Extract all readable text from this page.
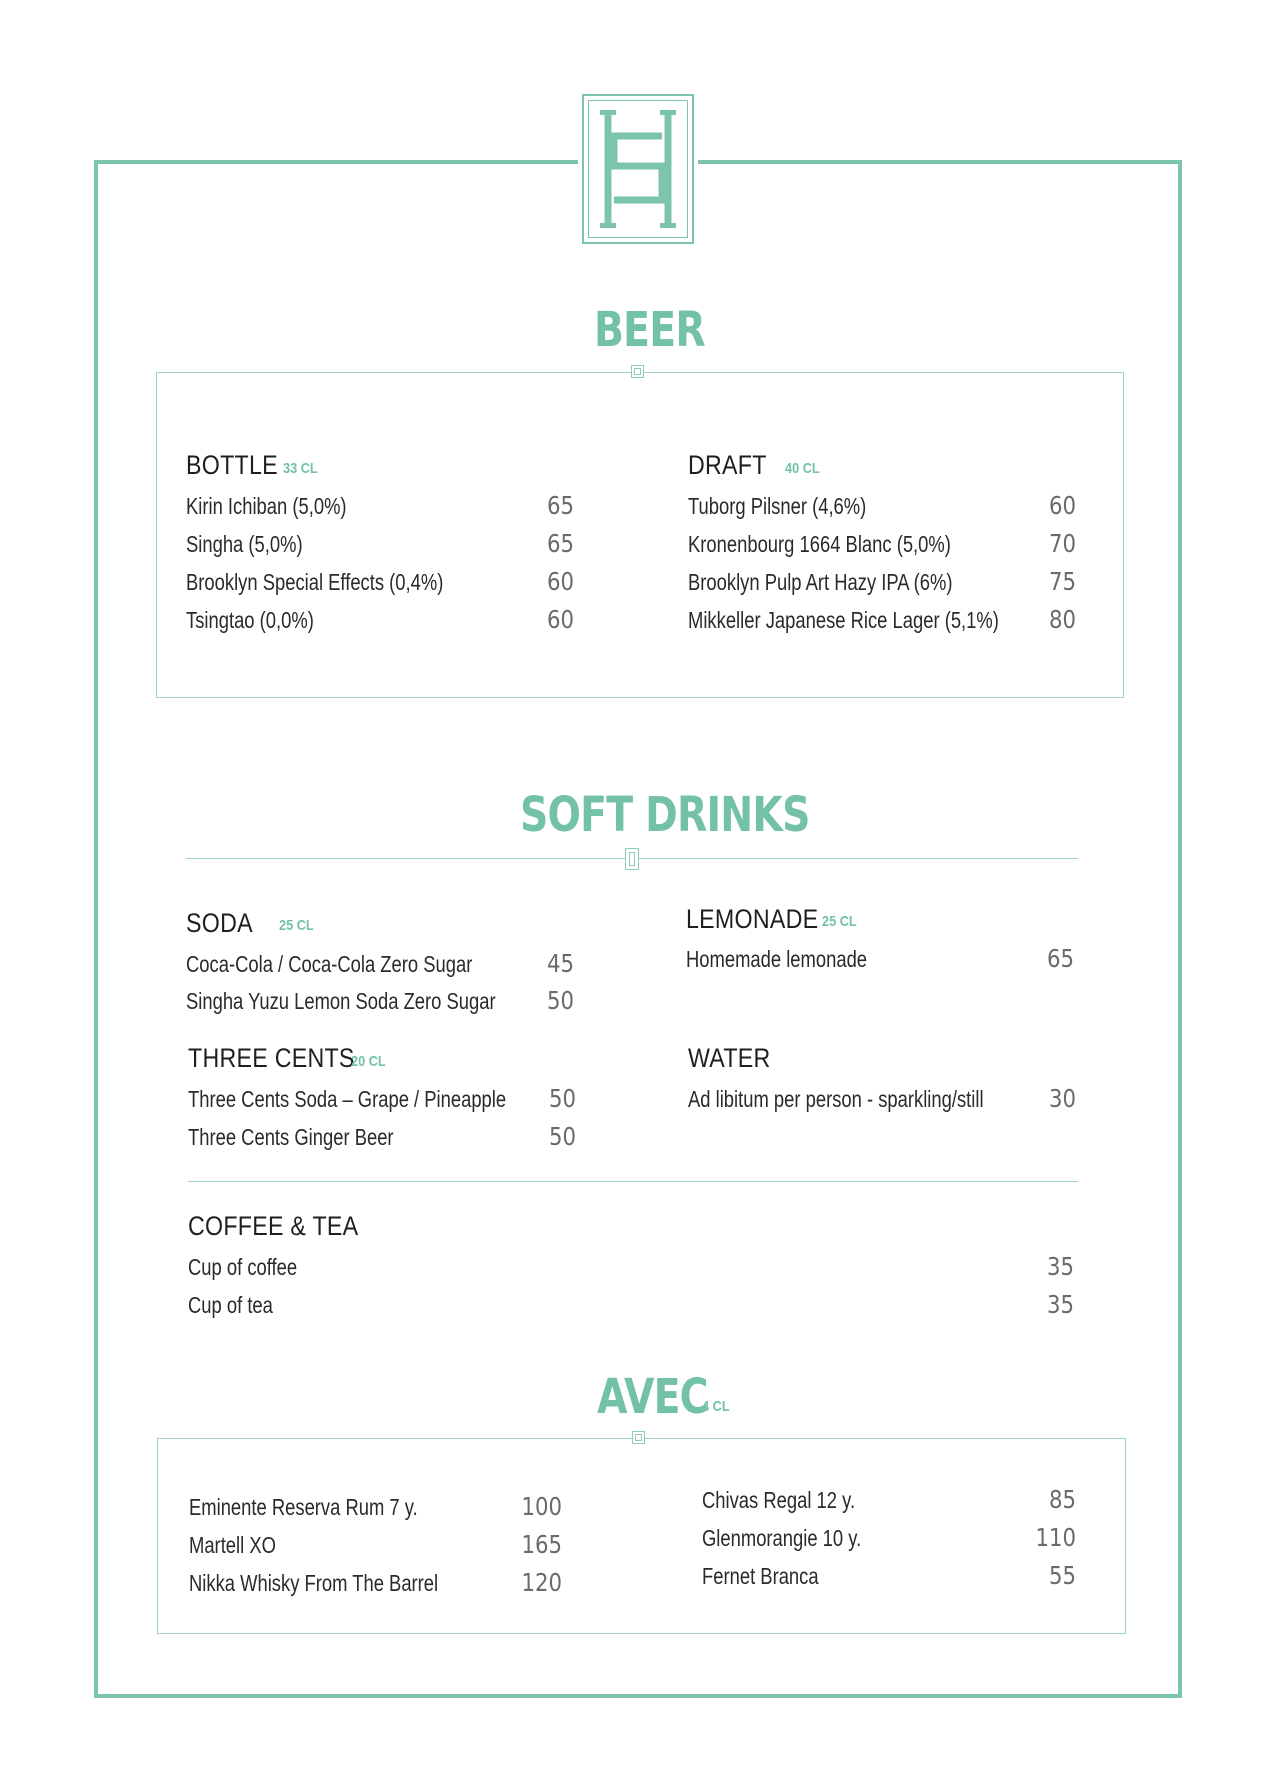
BEER
BOTTLE 33 CL
Kirin Ichiban (5,0%)	65
Singha (5,0%)	65
Brooklyn Special Effects (0,4%)	60
Tsingtao (0,0%)	60
DRAFT 40 CL
Tuborg Pilsner (4,6%)	60
Kronenbourg 1664 Blanc (5,0%)	70
Brooklyn Pulp Art Hazy IPA (6%)	75
Mikkeller Japanese Rice Lager (5,1%)	80
SOFT DRINKS
SODA 25 CL
Coca-Cola / Coca-Cola Zero Sugar	45
Singha Yuzu Lemon Soda Zero Sugar	50
LEMONADE 25 CL
Homemade lemonade	65
THREE CENTS
20 CL
Three Cents Soda – Grape / Pineapple	50
Three Cents Ginger Beer	50
WATER
Ad libitum per person - sparkling/still	30
COFFEE & TEA
Cup of coffee	35
Cup of tea	35
AVEC
4 CL
Eminente Reserva Rum 7 y.	100
Martell XO	165
Nikka Whisky From The Barrel	120
Chivas Regal 12 y.	85
Glenmorangie 10 y.	110
Fernet Branca	55
